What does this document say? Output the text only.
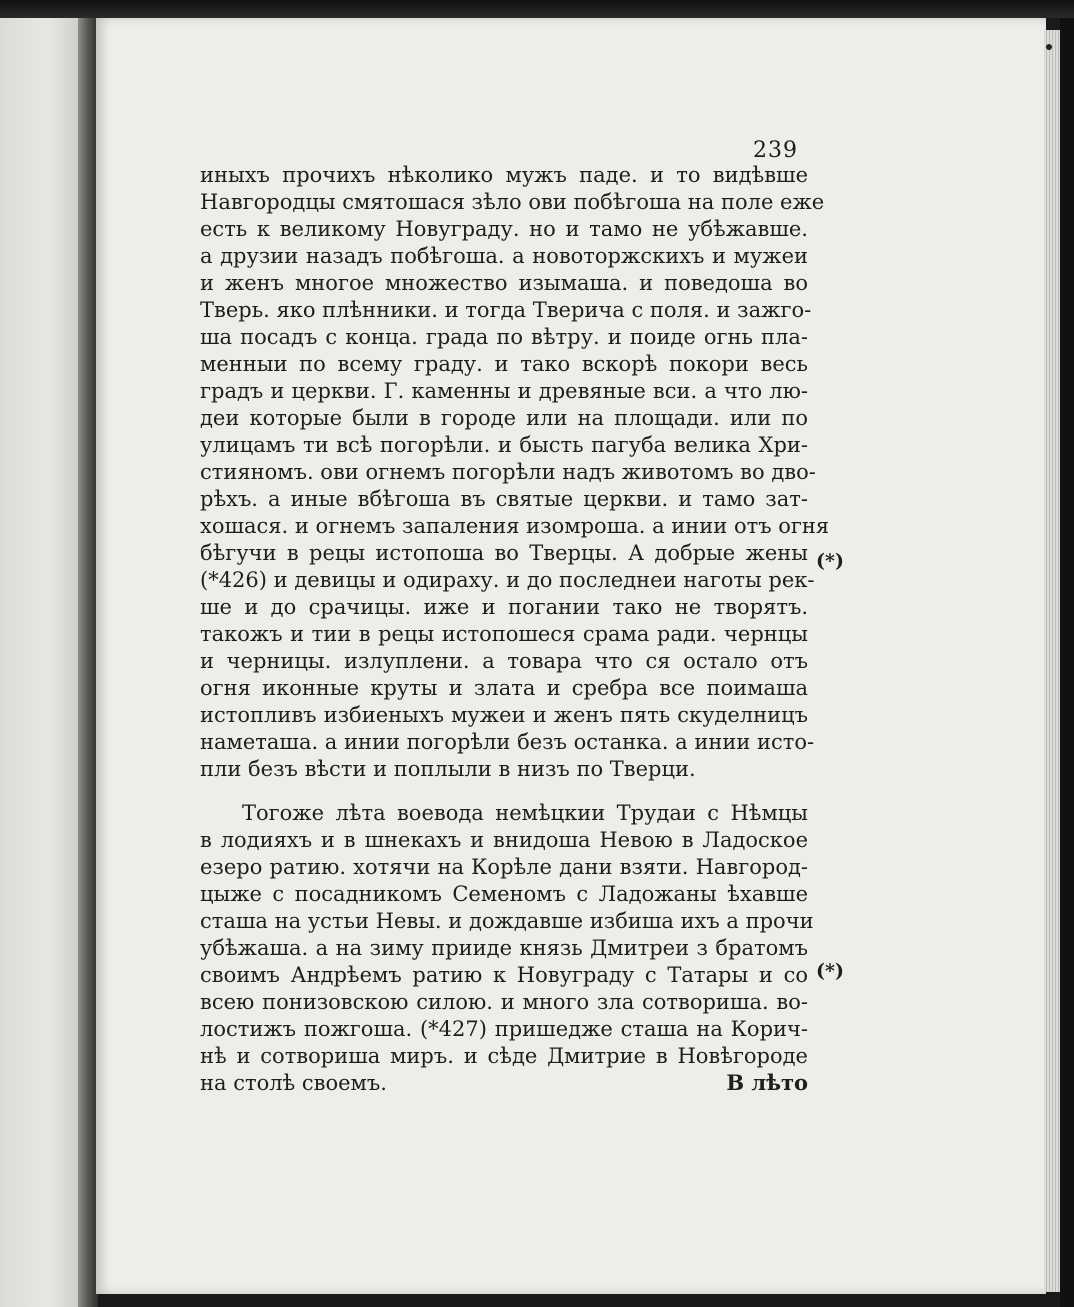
239
иныхъ прочихъ нѣколико мужъ паде. и то видѣвше
Навгородцы смятошася зѣло ови побѣгоша на поле еже
есть к великому Новуграду. но и тамо не убѣжавше.
а друзии назадъ побѣгоша. а новоторжскихъ и мужеи
и женъ многое множество изымаша. и поведоша во
Тверь. яко плѣнники. и тогда Тверича с поля. и зажго-
ша посадъ с конца. града по вѣтру. и поиде огнь пла-
менныи по всему граду. и тако вскорѣ покори весь
градъ и церкви. Г. каменны и древяные вси. а что лю-
деи которые были в городе или на площади. или по
улицамъ ти всѣ погорѣли. и бысть пагуба велика Хри-
стияномъ. ови огнемъ погорѣли надъ животомъ во дво-
рѣхъ. а иные вбѣгоша въ святые церкви. и тамо зат-
хошася. и огнемъ запаления изомроша. а инии отъ огня
бѣгучи в рецы истопоша во Тверцы. А добрые жены
(*426) и девицы и одираху. и до последнеи наготы рек-
ше и до срачицы. иже и погании тако не творятъ.
такожъ и тии в рецы истопошеся срама ради. чернцы
и черницы. излуплени. а товара что ся остало отъ
огня иконные круты и злата и сребра все поимаша
истопливъ избиеныхъ мужеи и женъ пять скуделницъ
наметаша. а инии погорѣли безъ останка. а инии исто-
пли безъ вѣсти и поплыли в низъ по Тверци.
Тогоже лѣта воевода немѣцкии Трудаи с Нѣмцы
в лодияхъ и в шнекахъ и внидоша Невою в Ладоское
езеро ратию. хотячи на Корѣле дани взяти. Навгород-
цыже с посадникомъ Семеномъ с Ладожаны ѣхавше
сташа на устьи Невы. и дождавше избиша ихъ а прочи
убѣжаша. а на зиму прииде князь Дмитреи з братомъ
своимъ Андрѣемъ ратию к Новуграду с Татары и со
всею понизовскою силою. и много зла сотвориша. во-
лостижъ пожгоша. (*427) пришедже сташа на Корич-
нѣ и сотвориша миръ. и сѣде Дмитрие в Новѣгороде
на столѣ своемъ.	В лѣто
(*)
(*)
